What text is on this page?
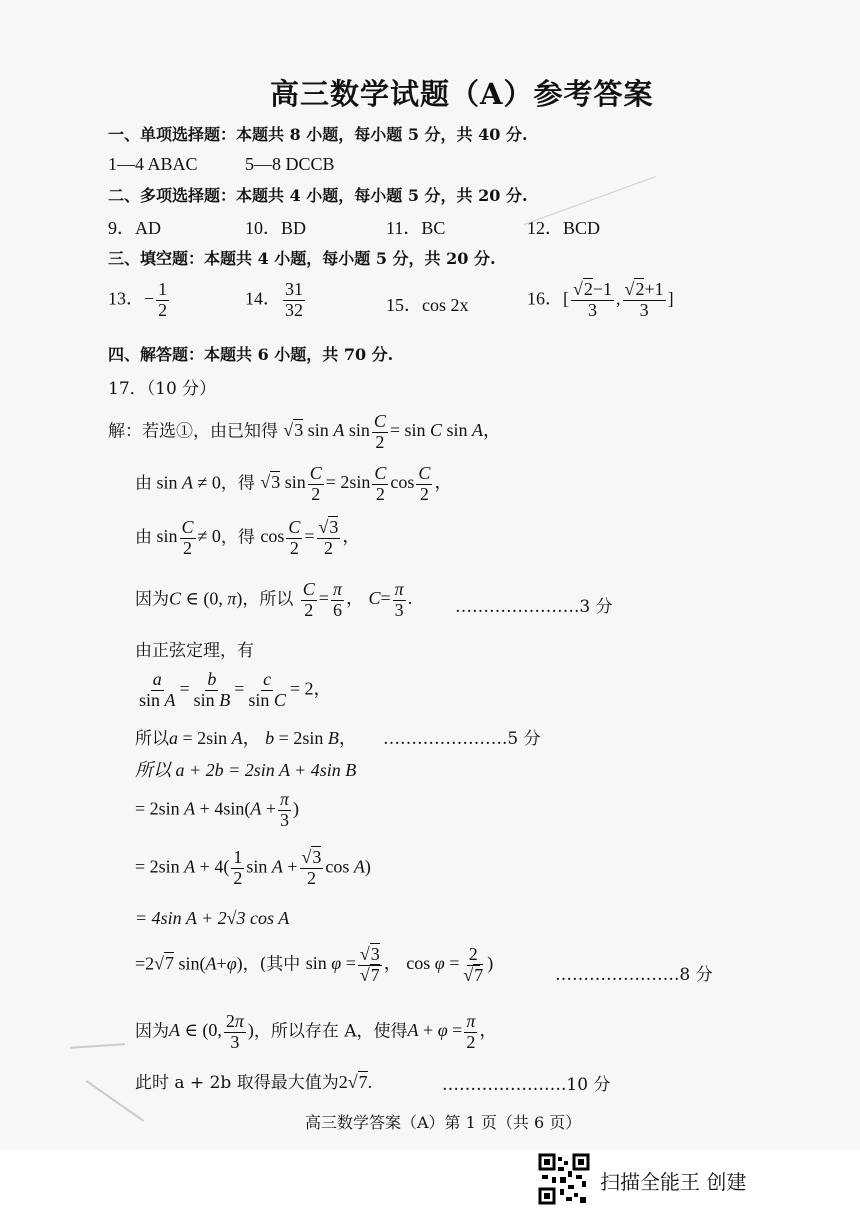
高三数学试题（A）参考答案
一、单项选择题：本题共 8 小题，每小题 5 分，共 40 分.
1—4 ABAC	5—8 DCCB
二、多项选择题：本题共 4 小题，每小题 5 分，共 20 分.
9．AD	10．BD	11．BC	12．BCD
三、填空题：本题共 4 小题，每小题 5 分，共 20 分.
13．− $\frac{1}{2}$	14． $\frac{31}{32}$	15．cos 2x	16．[ $\frac{√2-1}{3}$ , $\frac{√2+1}{3}$ ]
四、解答题：本题共 6 小题，共 70 分.
17．（10 分）
解：若选①，由已知得 √3 sin A $\sin \frac{C}{2} = \sin C$ sin A，
由 sin A ≠ 0，得 √3 $\sin \frac{C}{2} = 2\sin \frac{C}{2}$ $\cos \frac{C}{2}$ ，
由 $\sin \frac{C}{2} \ne 0$，得 $\cos \frac{C}{2} = \frac{√3}{2}$ ，
因为C ∈ (0, π)，所以 $\frac{C}{2} = \frac{\pi}{6}$ ， $C= \frac{\pi}{3}$ .	………………….3 分
由正弦定理，有
$\frac{a}{\text{sin A}} = \frac{b}{\text{sin B}} = \frac{c}{\text{sin C}} = 2$，
所以a = 2sin A， b = 2sin B， ………………….5 分
所以 a + 2b = 2sin A + 4sin B
= 2sin $A + 4\sin(A + \frac{\pi}{3}$ )
= 2sin $A + 4( \frac{1}{2}$ $\sin A + \frac{√3}{2}$ cos A)
= 4sin A + 2√3 cos A
=2√7 sin(A+φ)，(其中 $\sin \varphi = \frac{√3}{√7}$ ， $\cos \varphi = \frac{2}{√7}$ )
………………….8 分
因为A ∈ (0, $\frac{2\pi}{3}$ )，所以存在 A，使得$A + \varphi = \frac{\pi}{2}$ ，
此时 a + 2b 取得最大值为2√7.	………………….10 分
高三数学答案（A）第 1 页（共 6 页）
扫描全能王 创建
